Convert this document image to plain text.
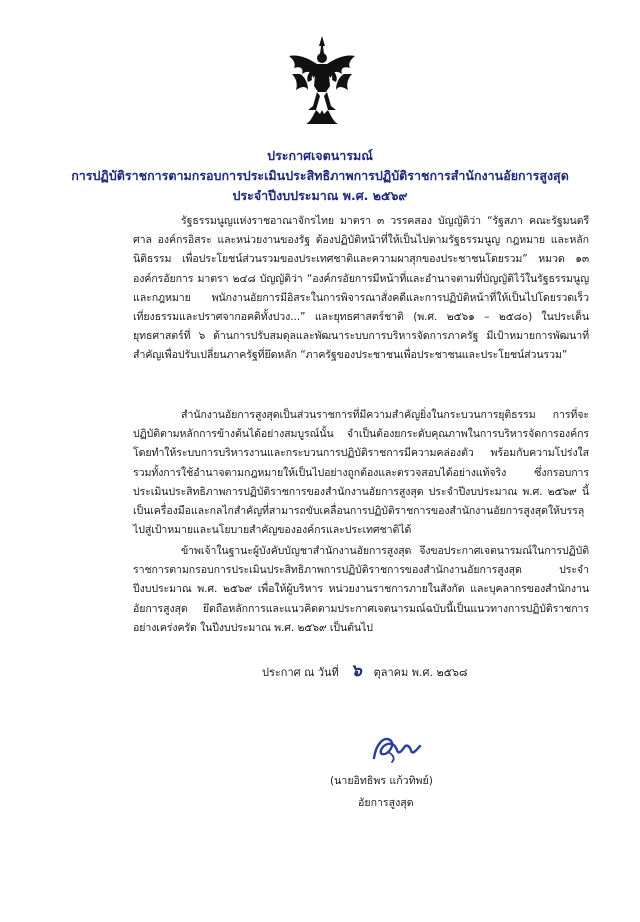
ประกาศเจตนารมณ์
การปฏิบัติราชการตามกรอบการประเมินประสิทธิภาพการปฏิบัติราชการสำนักงานอัยการสูงสุด
ประจำปีงบประมาณ พ.ศ. ๒๕๖๙

รัฐธรรมนูญแห่งราชอาณาจักรไทย มาตรา ๓ วรรคสอง บัญญัติว่า “รัฐสภา คณะรัฐมนตรี ศาล องค์กรอิสระ และหน่วยงานของรัฐ ต้องปฏิบัติหน้าที่ให้เป็นไปตามรัฐธรรมนูญ กฎหมาย และหลักนิติธรรม เพื่อประโยชน์ส่วนรวมของประเทศชาติและความผาสุกของประชาชนโดยรวม” หมวด ๑๓ องค์กรอัยการ มาตรา ๒๔๘ บัญญัติว่า “องค์กรอัยการมีหน้าที่และอำนาจตามที่บัญญัติไว้ในรัฐธรรมนูญและกฎหมาย พนักงานอัยการมีอิสระในการพิจารณาสั่งคดีและการปฏิบัติหน้าที่ให้เป็นไปโดยรวดเร็ว เที่ยงธรรมและปราศจากอคติทั้งปวง...” และยุทธศาสตร์ชาติ (พ.ศ. ๒๕๖๑ – ๒๕๘๐) ในประเด็นยุทธศาสตร์ที่ ๖ ด้านการปรับสมดุลและพัฒนาระบบการบริหารจัดการภาครัฐ มีเป้าหมายการพัฒนาที่สำคัญเพื่อปรับเปลี่ยนภาครัฐที่ยึดหลัก “ภาครัฐของประชาชนเพื่อประชาชนและประโยชน์ส่วนรวม”

สำนักงานอัยการสูงสุดเป็นส่วนราชการที่มีความสำคัญยิ่งในกระบวนการยุติธรรม การที่จะปฏิบัติตามหลักการข้างต้นได้อย่างสมบูรณ์นั้น จำเป็นต้องยกระดับคุณภาพในการบริหารจัดการองค์กร โดยทำให้ระบบการบริหารงานและกระบวนการปฏิบัติราชการมีความคล่องตัว พร้อมกับความโปร่งใส รวมทั้งการใช้อำนาจตามกฎหมายให้เป็นไปอย่างถูกต้องและตรวจสอบได้อย่างแท้จริง ซึ่งกรอบการประเมินประสิทธิภาพการปฏิบัติราชการของสำนักงานอัยการสูงสุด ประจำปีงบประมาณ พ.ศ. ๒๕๖๙ นี้ เป็นเครื่องมือและกลไกสำคัญที่สามารถขับเคลื่อนการปฏิบัติราชการของสำนักงานอัยการสูงสุดให้บรรลุไปสู่เป้าหมายและนโยบายสำคัญขององค์กรและประเทศชาติได้

ข้าพเจ้าในฐานะผู้บังคับบัญชาสำนักงานอัยการสูงสุด จึงขอประกาศเจตนารมณ์ในการปฏิบัติราชการตามกรอบการประเมินประสิทธิภาพการปฏิบัติราชการของสำนักงานอัยการสูงสุด ประจำปีงบประมาณ พ.ศ. ๒๕๖๙ เพื่อให้ผู้บริหาร หน่วยงานราชการภายในสังกัด และบุคลากรของสำนักงานอัยการสูงสุด ยึดถือหลักการและแนวคิดตามประกาศเจตนารมณ์ฉบับนี้เป็นแนวทางการปฏิบัติราชการอย่างเคร่งครัด ในปีงบประมาณ พ.ศ. ๒๕๖๙ เป็นต้นไป

ประกาศ ณ วันที่ ๖ ตุลาคม พ.ศ. ๒๕๖๘
(นายอิทธิพร แก้วทิพย์)
อัยการสูงสุด
